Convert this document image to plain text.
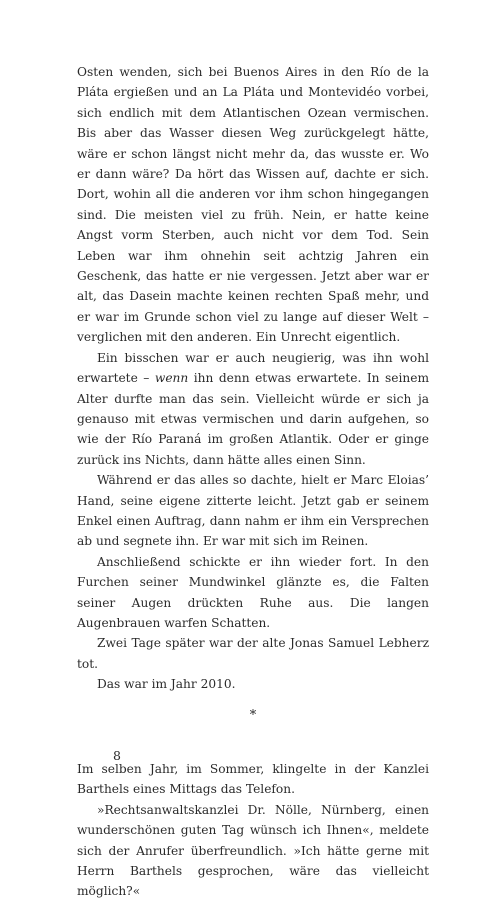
Osten wenden, sich bei Buenos Aires in den Río de la Pláta ergießen und an La Pláta und Montevidéo vorbei, sich endlich mit dem Atlantischen Ozean vermischen. Bis aber das Wasser diesen Weg zurückgelegt hätte, wäre er schon längst nicht mehr da, das wusste er. Wo er dann wäre? Da hört das Wissen auf, dachte er sich. Dort, wohin all die anderen vor ihm schon hingegangen sind. Die meisten viel zu früh. Nein, er hatte keine Angst vorm Sterben, auch nicht vor dem Tod. Sein Leben war ihm ohnehin seit achtzig Jahren ein Geschenk, das hatte er nie vergessen. Jetzt aber war er alt, das Dasein machte keinen rechten Spaß mehr, und er war im Grunde schon viel zu lange auf dieser Welt – verglichen mit den anderen. Ein Unrecht eigentlich.

Ein bisschen war er auch neugierig, was ihn wohl erwartete – wenn ihn denn etwas erwartete. In seinem Alter durfte man das sein. Vielleicht würde er sich ja genauso mit etwas vermischen und darin aufgehen, so wie der Río Paraná im großen Atlantik. Oder er ginge zurück ins Nichts, dann hätte alles einen Sinn.

Während er das alles so dachte, hielt er Marc Eloias’ Hand, seine eigene zitterte leicht. Jetzt gab er seinem Enkel einen Auftrag, dann nahm er ihm ein Versprechen ab und segnete ihn. Er war mit sich im Reinen.

Anschließend schickte er ihn wieder fort. In den Furchen seiner Mundwinkel glänzte es, die Falten seiner Augen drückten Ruhe aus. Die langen Augenbrauen warfen Schatten.

Zwei Tage später war der alte Jonas Samuel Lebherz tot.

Das war im Jahr 2010.

*

Im selben Jahr, im Sommer, klingelte in der Kanzlei Barthels eines Mittags das Telefon.

»Rechtsanwaltskanzlei Dr. Nölle, Nürnberg, einen wunderschönen guten Tag wünsch ich Ihnen«, meldete sich der Anrufer überfreundlich. »Ich hätte gerne mit Herrn Barthels gesprochen, wäre das vielleicht möglich?«

8
